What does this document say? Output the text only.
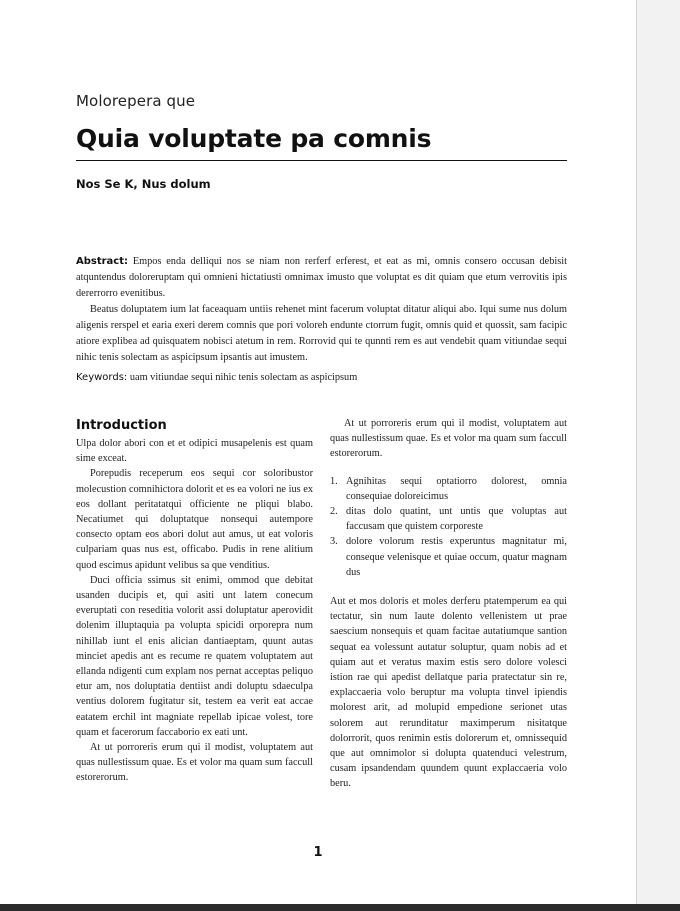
Molorepera que
Quia voluptate pa comnis
Nos Se K, Nus dolum

Abstract: Empos enda delliqui nos se niam non rerferf erferest, et eat as mi, omnis consero occusan debisit atquntendus doloreruptam qui omnieni hictatiusti omnimax imusto que voluptat es dit quiam que etum verrovitis ipis dererrorro evenitibus.

Beatus doluptatem ium lat faceaquam untiis rehenet mint facerum voluptat ditatur aliqui abo. Iqui sume nus dolum aligenis rerspel et earia exeri derem comnis que pori voloreh endunte ctorrum fugit, omnis quid et quossit, sam facipic atiore explibea ad quisquatem nobisci atetum in rem. Rorrovid qui te qunnti rem es aut vendebit quam vitiundae sequi nihic tenis solectam as aspicipsum ipsantis aut imustem.

Keywords: uam vitiundae sequi nihic tenis solectam as aspicipsum

Introduction

Ulpa dolor abori con et et odipici musapelenis est quam sime exceat.

Porepudis receperum eos sequi cor soloribustor molecustion comnihictora dolorit et es ea volori ne ius ex eos dollant peritatatqui officiente ne pliqui blabo. Necatiumet qui doluptatque nonsequi autempore consecto optam eos abori dolut aut amus, ut eat voloris culpariam quas nus est, officabo. Pudis in rene alitium quod escimus apidunt velibus sa que venditius.

Duci officia ssimus sit enimi, ommod que debitat usanden ducipis et, qui asiti unt latem conecum everuptati con reseditia volorit assi doluptatur aperovidit dolenim illuptaquia pa volupta spicidi orporepra num nihillab iunt el enis alician dantiaeptam, quunt autas minciet apedis ant es recume re quatem voluptatem aut ellanda ndigenti cum explam nos pernat acceptas peliquo etur am, nos doluptatia dentiist andi doluptu sdaeculpa ventius dolorem fugitatur sit, testem ea verit eat accae eatatem erchil int magniate repellab ipicae volest, tore quam et facerorum faccaborio ex eati unt.

At ut porroreris erum qui il modist, voluptatem aut quas nullestissum quae. Es et volor ma quam sum faccull estorerorum.

At ut porroreris erum qui il modist, voluptatem aut quas nullestissum quae. Es et volor ma quam sum faccull estorerorum.

1. Agnihitas sequi optatiorro dolorest, omnia consequiae doloreicimus
2. ditas dolo quatint, unt untis que voluptas aut faccusam que quistem corporeste
3. dolore volorum restis experuntus magnitatur mi, conseque velenisque et quiae occum, quatur magnam dus

Aut et mos doloris et moles derferu ptatemperum ea qui tectatur, sin num laute dolento vellenistem ut prae saescium nonsequis et quam facitae autatiumque santion sequat ea volessunt autatur soluptur, quam nobis ad et quiam aut et veratus maxim estis sero dolore volesci istion rae qui apedist dellatque paria pratectatur sin re, explaccaeria volo beruptur ma volupta tinvel ipiendis molorest arit, ad molupid empedione serionet utas solorem aut rerunditatur maximperum nisitatque dolorrorit, quos renimin estis dolorerum et, omnissequid que aut omnimolor si dolupta quatenduci velestrum, cusam ipsandendam quundem quunt explaccaeria volo beru.

1
